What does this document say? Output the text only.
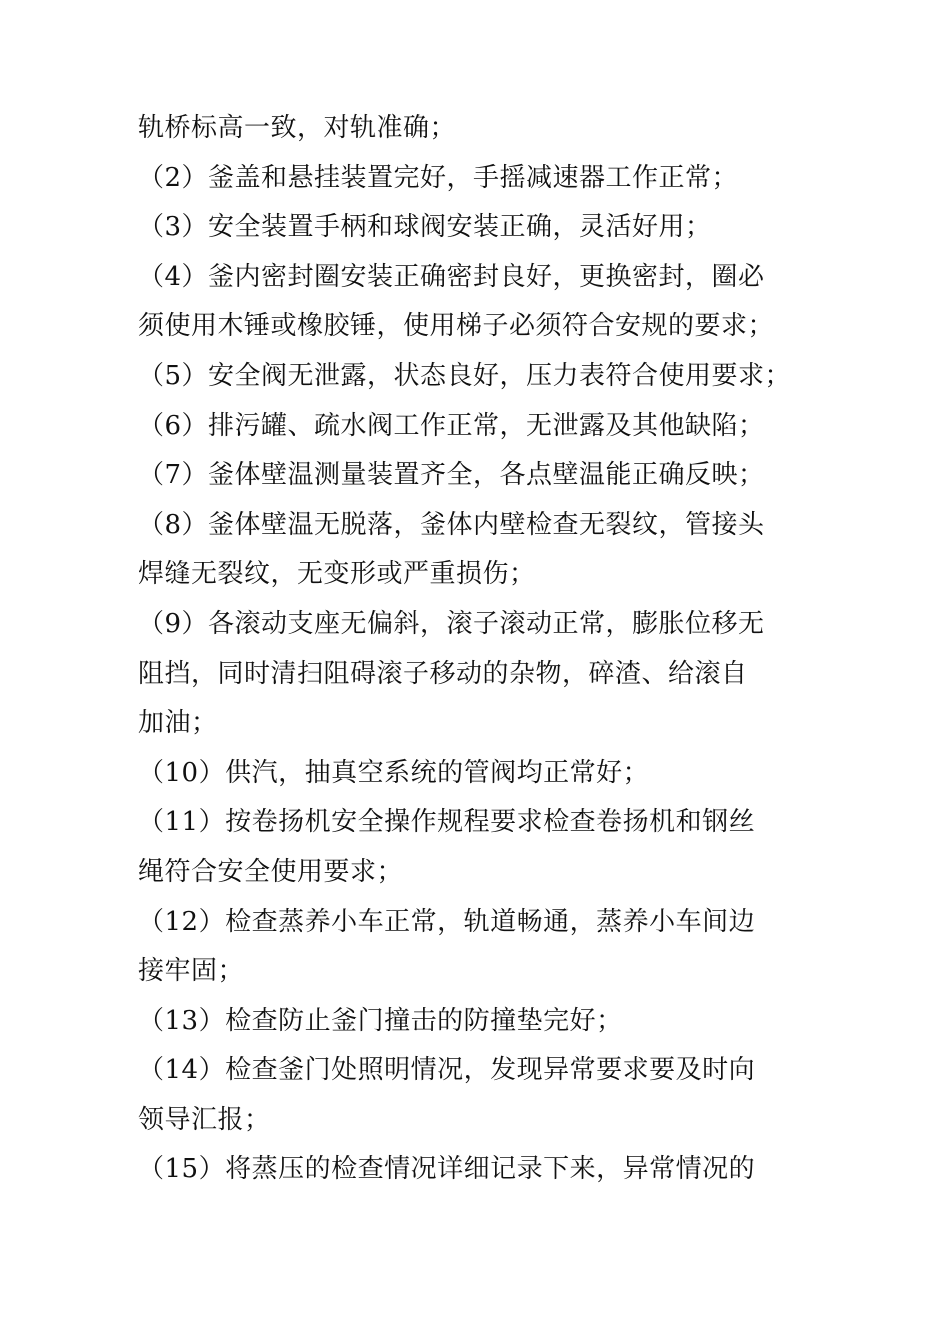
轨桥标高一致，对轨准确；
（2）釜盖和悬挂装置完好，手摇减速器工作正常；
（3）安全装置手柄和球阀安装正确，灵活好用；
（4）釜内密封圈安装正确密封良好，更换密封，圈必
须使用木锤或橡胶锤，使用梯子必须符合安规的要求；
（5）安全阀无泄露，状态良好，压力表符合使用要求；
（6）排污罐、疏水阀工作正常，无泄露及其他缺陷；
（7）釜体壁温测量装置齐全，各点壁温能正确反映；
（8）釜体壁温无脱落，釜体内壁检查无裂纹，管接头
焊缝无裂纹，无变形或严重损伤；
（9）各滚动支座无偏斜，滚子滚动正常，膨胀位移无
阻挡，同时清扫阻碍滚子移动的杂物，碎渣、给滚自
加油；
（10）供汽，抽真空系统的管阀均正常好；
（11）按卷扬机安全操作规程要求检查卷扬机和钢丝
绳符合安全使用要求；
（12）检查蒸养小车正常，轨道畅通，蒸养小车间边
接牢固；
（13）检查防止釜门撞击的防撞垫完好；
（14）检查釜门处照明情况，发现异常要求要及时向
领导汇报；
（15）将蒸压的检查情况详细记录下来，异常情况的
